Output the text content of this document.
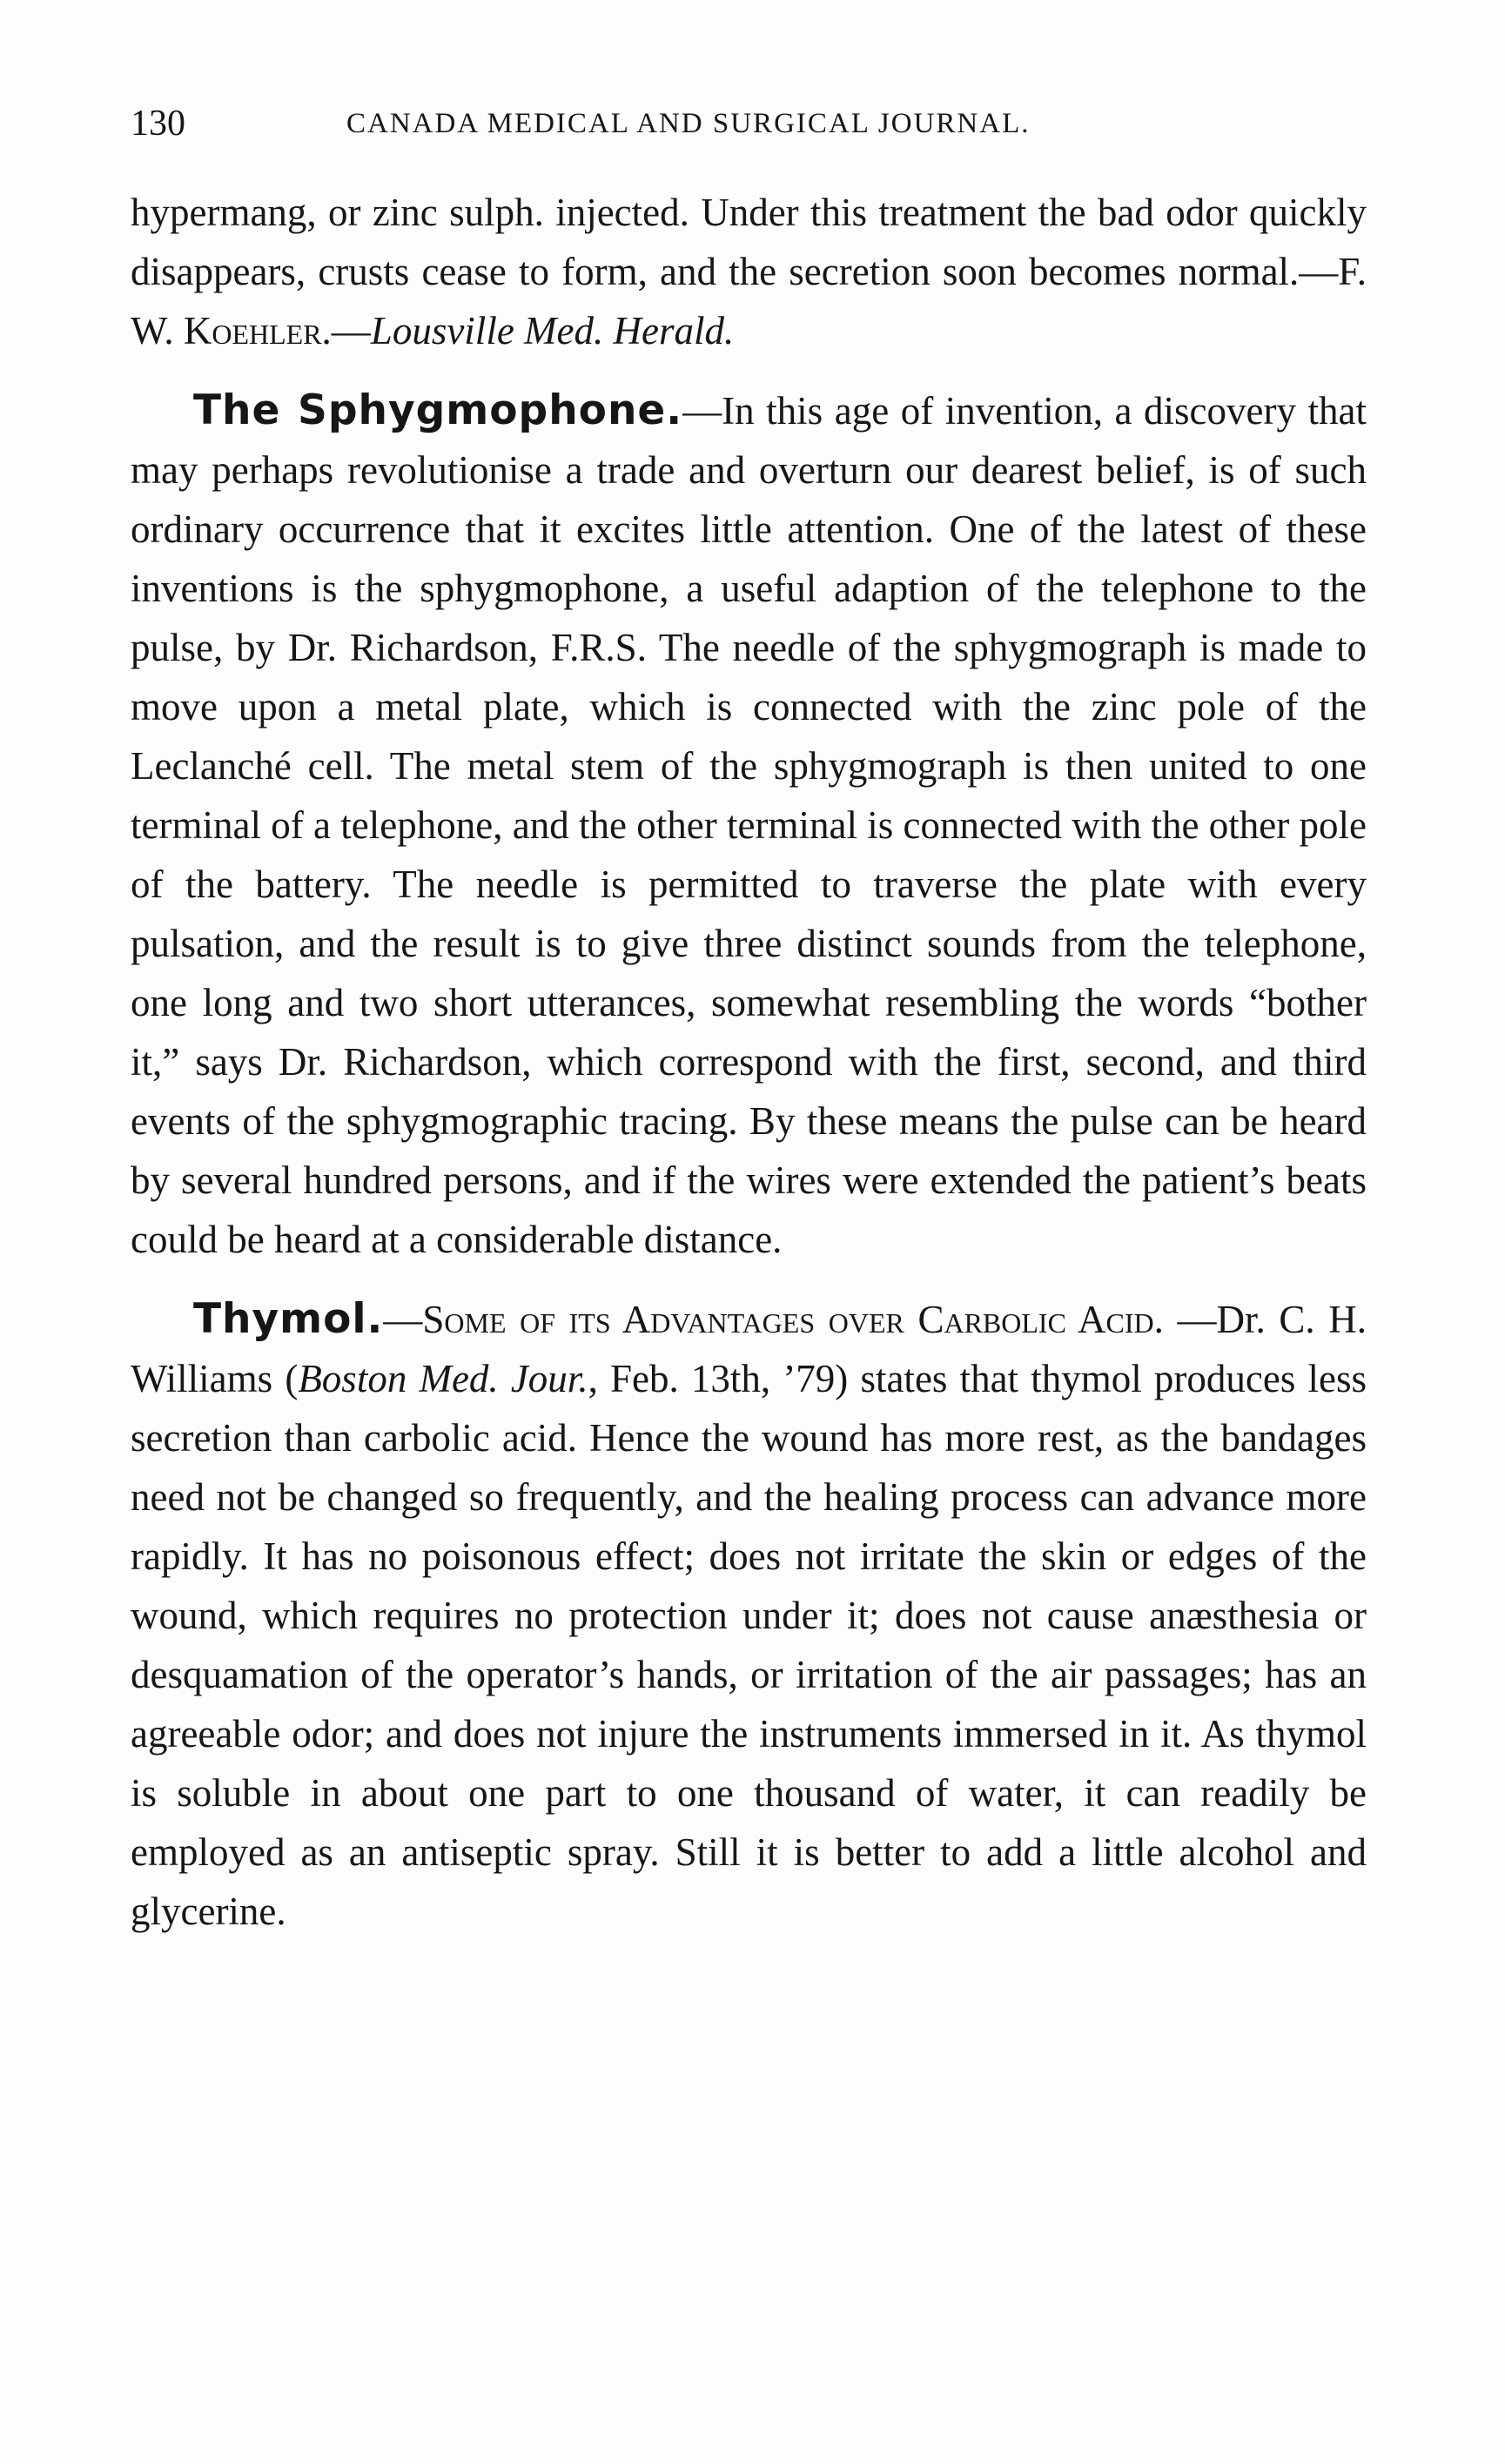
130	CANADA MEDICAL AND SURGICAL JOURNAL.

hypermang, or zinc sulph. injected. Under this treatment the bad odor quickly disappears, crusts cease to form, and the secretion soon becomes normal.—F. W. Koehler.—Lousville Med. Herald.

The Sphygmophone.—In this age of invention, a discovery that may perhaps revolutionise a trade and overturn our dearest belief, is of such ordinary occurrence that it excites little attention. One of the latest of these inventions is the sphygmophone, a useful adaption of the telephone to the pulse, by Dr. Richardson, F.R.S. The needle of the sphygmograph is made to move upon a metal plate, which is connected with the zinc pole of the Leclanché cell. The metal stem of the sphygmograph is then united to one terminal of a telephone, and the other terminal is connected with the other pole of the battery. The needle is permitted to traverse the plate with every pulsation, and the result is to give three distinct sounds from the telephone, one long and two short utterances, somewhat resembling the words “bother it,” says Dr. Richardson, which correspond with the first, second, and third events of the sphygmographic tracing. By these means the pulse can be heard by several hundred persons, and if the wires were extended the patient’s beats could be heard at a considerable distance.

Thymol.—Some of its Advantages over Carbolic Acid. —Dr. C. H. Williams (Boston Med. Jour., Feb. 13th, ’79) states that thymol produces less secretion than carbolic acid. Hence the wound has more rest, as the bandages need not be changed so frequently, and the healing process can advance more rapidly. It has no poisonous effect; does not irritate the skin or edges of the wound, which requires no protection under it; does not cause anæsthesia or desquamation of the operator’s hands, or irritation of the air passages; has an agreeable odor; and does not injure the instruments immersed in it. As thymol is soluble in about one part to one thousand of water, it can readily be employed as an antiseptic spray. Still it is better to add a little alcohol and glycerine.
